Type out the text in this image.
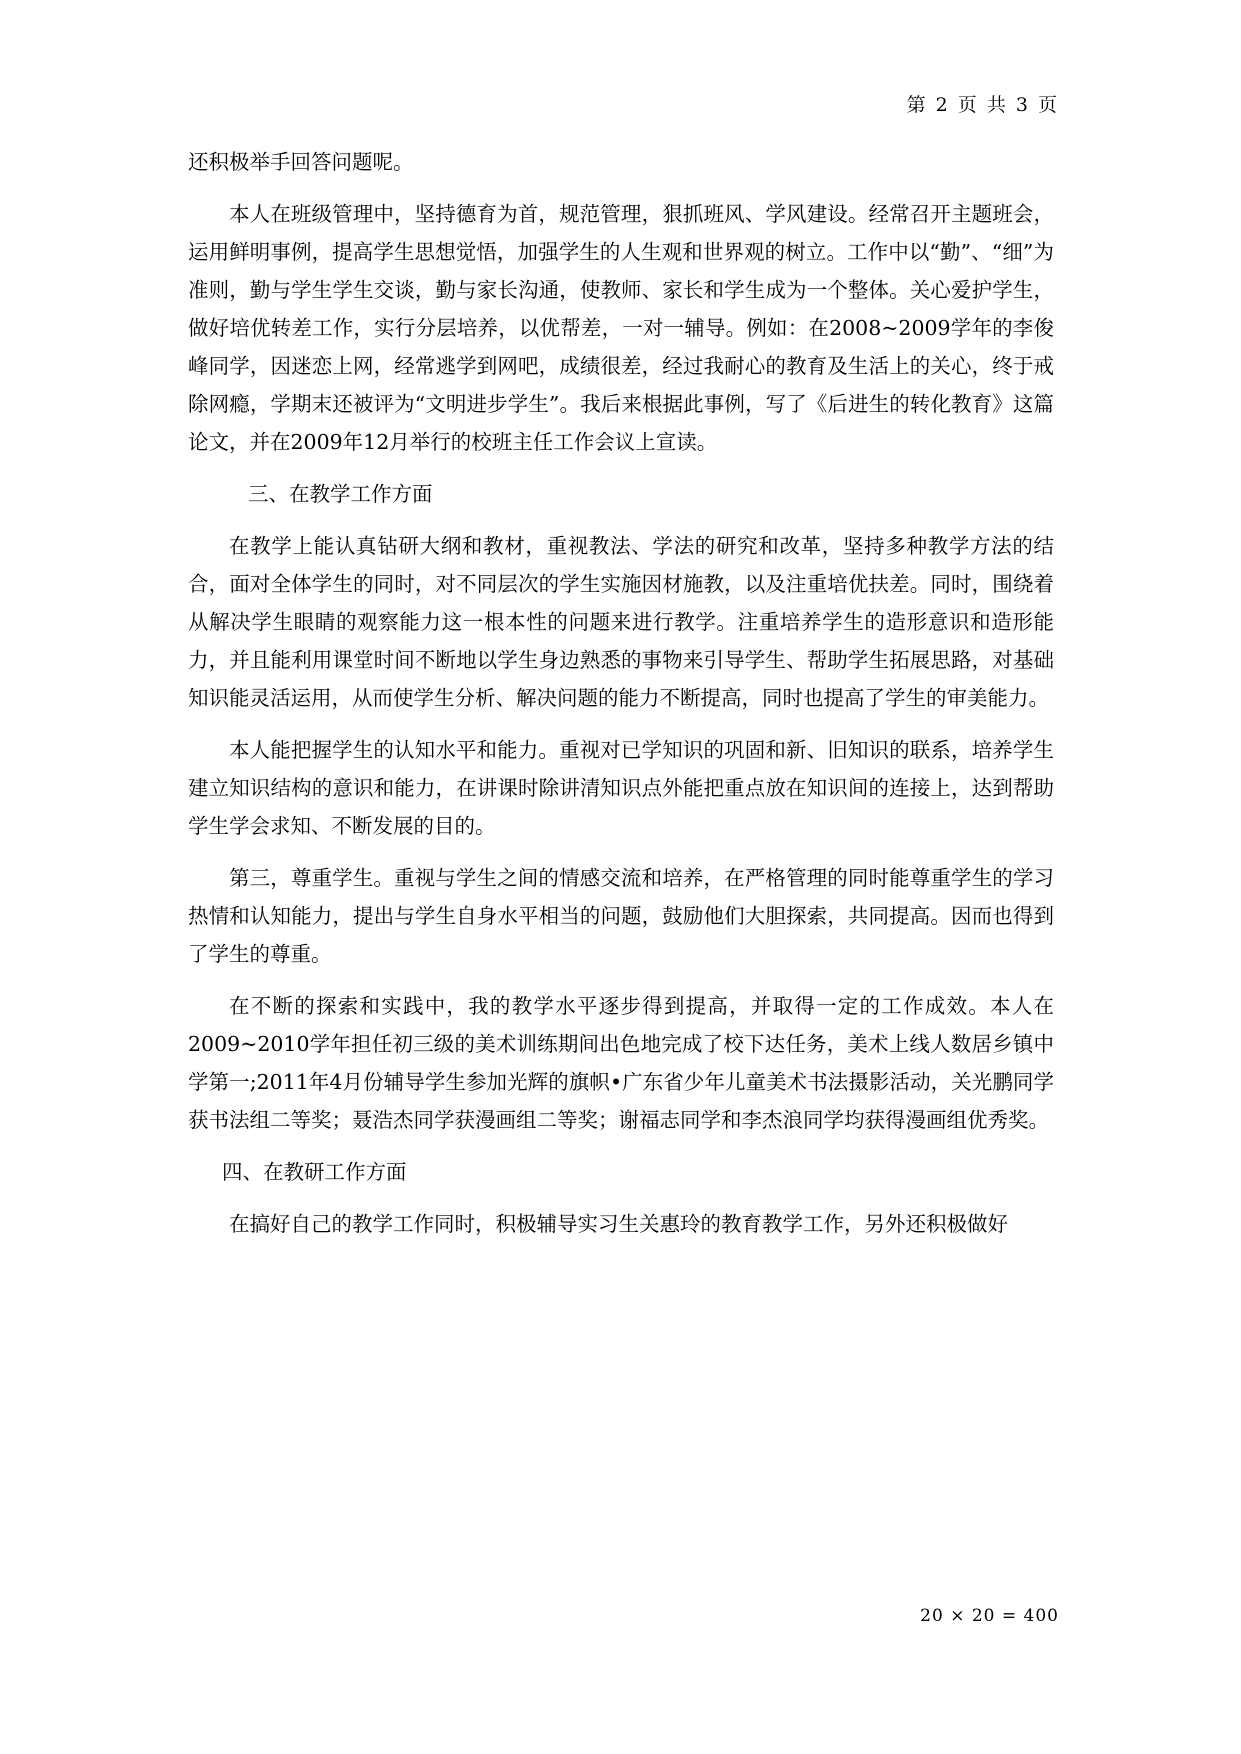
第 2 页 共 3 页

还积极举手回答问题呢。

本人在班级管理中，坚持德育为首，规范管理，狠抓班风、学风建设。经常召开主题班会，运用鲜明事例，提高学生思想觉悟，加强学生的人生观和世界观的树立。工作中以“勤”、“细”为准则，勤与学生学生交谈，勤与家长沟通，使教师、家长和学生成为一个整体。关心爱护学生，做好培优转差工作，实行分层培养，以优帮差，一对一辅导。例如：在2008~2009学年的李俊峰同学，因迷恋上网，经常逃学到网吧，成绩很差，经过我耐心的教育及生活上的关心，终于戒除网瘾，学期末还被评为“文明进步学生”。我后来根据此事例，写了《后进生的转化教育》这篇论文，并在2009年12月举行的校班主任工作会议上宣读。

三、在教学工作方面

在教学上能认真钻研大纲和教材，重视教法、学法的研究和改革，坚持多种教学方法的结合，面对全体学生的同时，对不同层次的学生实施因材施教，以及注重培优扶差。同时，围绕着从解决学生眼睛的观察能力这一根本性的问题来进行教学。注重培养学生的造形意识和造形能力，并且能利用课堂时间不断地以学生身边熟悉的事物来引导学生、帮助学生拓展思路，对基础知识能灵活运用，从而使学生分析、解决问题的能力不断提高，同时也提高了学生的审美能力。

本人能把握学生的认知水平和能力。重视对已学知识的巩固和新、旧知识的联系，培养学生建立知识结构的意识和能力，在讲课时除讲清知识点外能把重点放在知识间的连接上，达到帮助学生学会求知、不断发展的目的。

第三，尊重学生。重视与学生之间的情感交流和培养，在严格管理的同时能尊重学生的学习热情和认知能力，提出与学生自身水平相当的问题，鼓励他们大胆探索，共同提高。因而也得到了学生的尊重。

在不断的探索和实践中，我的教学水平逐步得到提高，并取得一定的工作成效。本人在2009~2010学年担任初三级的美术训练期间出色地完成了校下达任务，美术上线人数居乡镇中学第一;2011年4月份辅导学生参加光辉的旗帜•广东省少年儿童美术书法摄影活动，关光鹏同学获书法组二等奖；聂浩杰同学获漫画组二等奖；谢福志同学和李杰浪同学均获得漫画组优秀奖。

四、在教研工作方面

在搞好自己的教学工作同时，积极辅导实习生关惠玲的教育教学工作，另外还积极做好

20 × 20 = 400
